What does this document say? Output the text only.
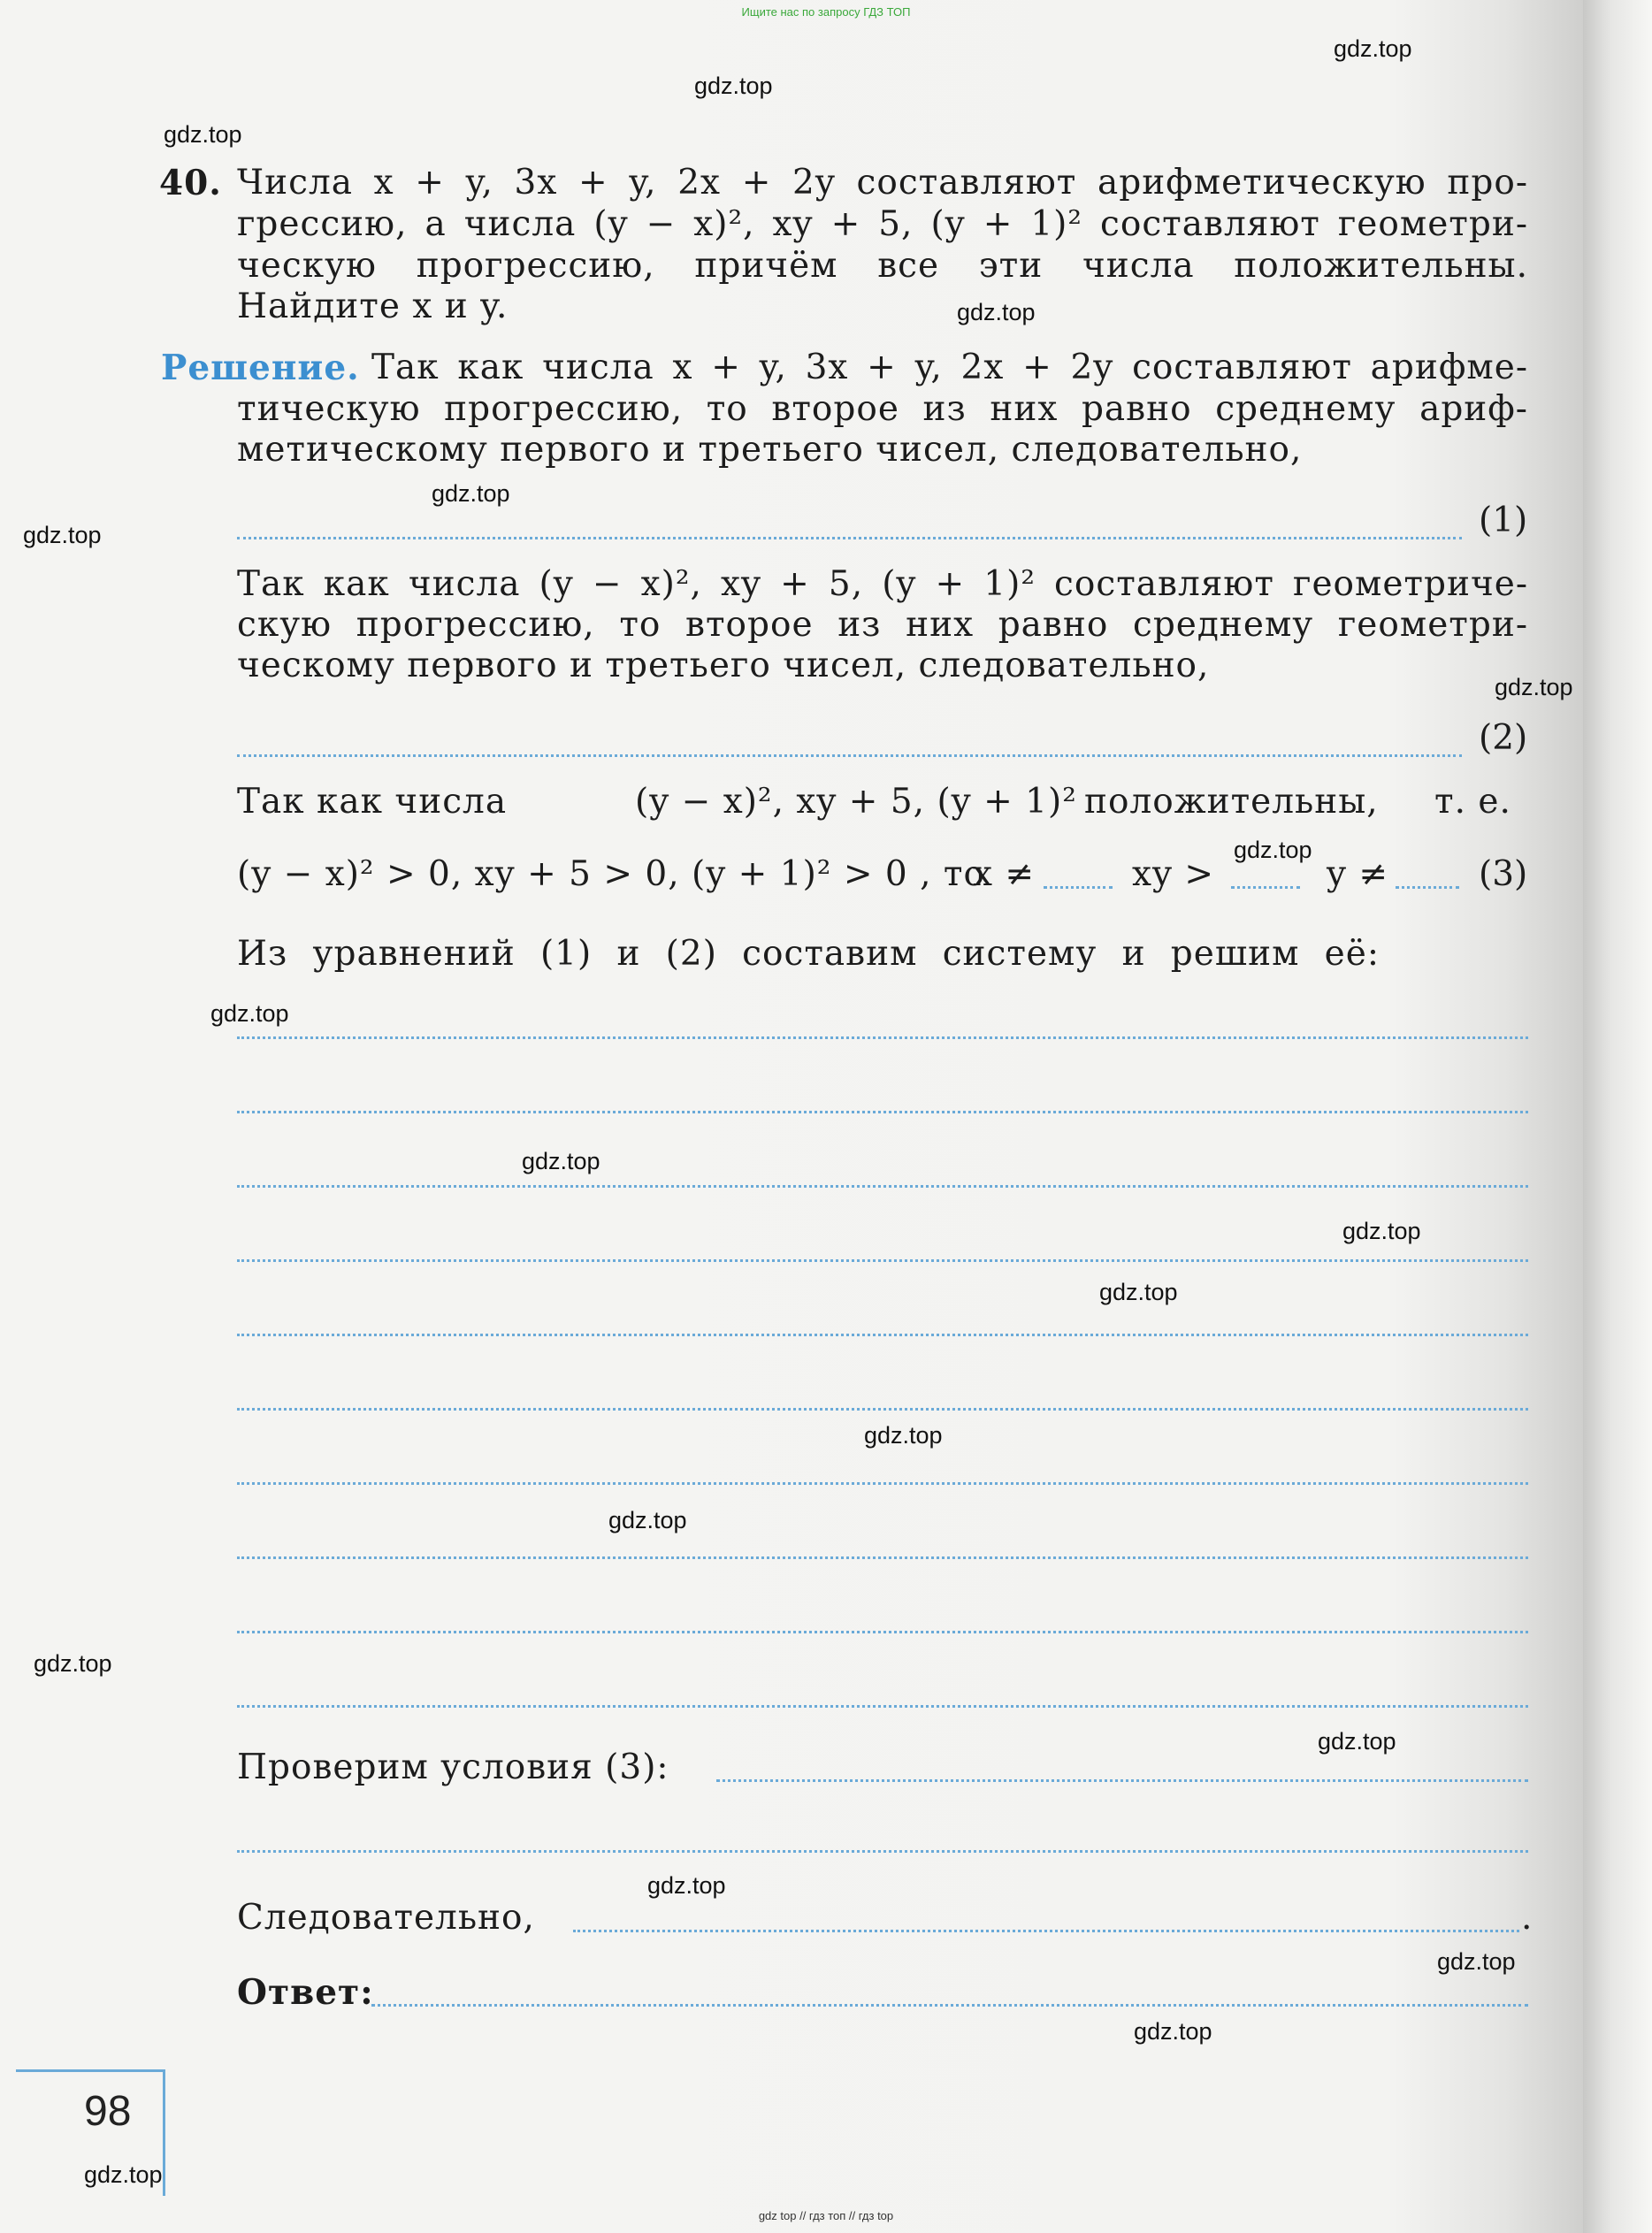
Ищите нас по запросу ГДЗ ТОП
gdz top // гдз топ // гдз top
gdz.top
gdz.top
gdz.top
gdz.top
gdz.top
gdz.top
gdz.top
gdz.top
gdz.top
gdz.top
gdz.top
gdz.top
gdz.top
gdz.top
gdz.top
gdz.top
gdz.top
gdz.top
gdz.top
gdz.top
40. Числа x + y, 3x + y, 2x + 2y составляют арифметическую про-
грессию, а числа (y − x)², xy + 5, (y + 1)² составляют геометри-
ческую прогрессию, причём все эти числа положительны.
Найдите x и y.
Решение. Так как числа x + y, 3x + y, 2x + 2y составляют арифме-
тическую прогрессию, то второе из них равно среднему ариф-
метическому первого и третьего чисел, следовательно,
(1)
Так как числа (y − x)², xy + 5, (y + 1)² составляют геометриче-
скую прогрессию, то второе из них равно среднему геометри-
ческому первого и третьего чисел, следовательно,
(2)
Так как числа	(y − x)², xy + 5, (y + 1)² положительны, т. е.
(y − x)² > 0, xy + 5 > 0, (y + 1)² > 0 , то
x ≠	xy >	y ≠	(3)
Из уравнений (1) и (2) составим систему и решим её:
Проверим условия (3):
Следовательно,	.
Ответ:
98
